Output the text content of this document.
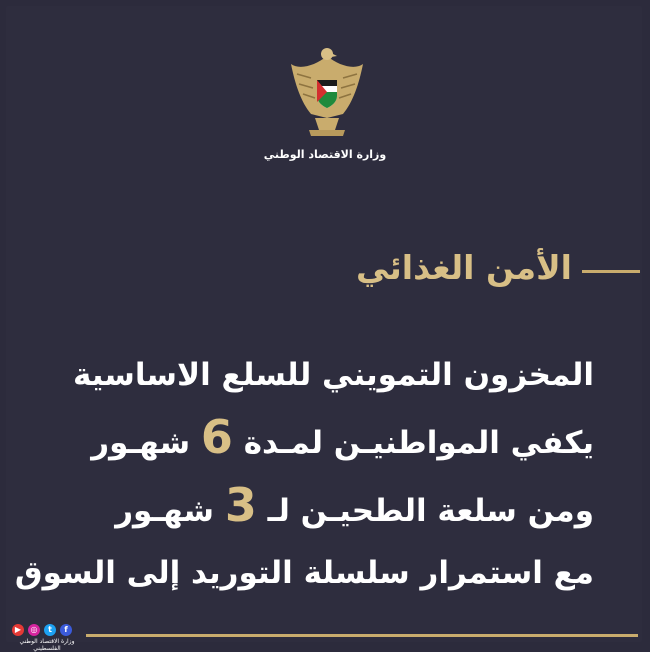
وزارة الاقتصاد الوطني
الأمن الغذائي
المخزون التمويني للسلع الاساسية
يكفي المواطنيـن لمـدة 6 شهـور
ومن سلعة الطحيـن لـ 3 شهـور
مع استمرار سلسلة التوريد إلى السوق
▶	◎	t	f
وزارة الاقتصاد الوطني الفلسطيني
